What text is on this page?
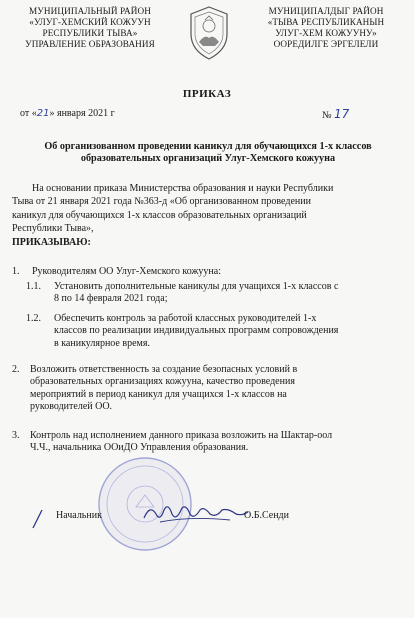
МУНИЦИПАЛЬНЫЙ РАЙОН
«УЛУГ-ХЕМСКИЙ КОЖУУН
РЕСПУБЛИКИ ТЫВА»
УПРАВЛЕНИЕ ОБРАЗОВАНИЯ
МУНИЦИПАЛДЫГ РАЙОН
«ТЫВА РЕСПУБЛИКАНЫН
УЛУГ-ХЕМ КОЖУУНУ»
ООРЕДИЛГЕ ЭРГЕЛЕЛИ
ПРИКАЗ
от «21» января 2021 г	№ 17
Об организованном проведении каникул для обучающихся 1-х классов
образовательных организаций Улуг-Хемского кожууна
На основании приказа Министерства образования и науки Республики
Тыва от 21 января 2021 года №363-д «Об организованном проведении
каникул для обучающихся 1-х классов образовательных организаций
Республики Тыва»,
ПРИКАЗЫВАЮ:
1. Руководителям ОО Улуг-Хемского кожууна:
1.1. Установить дополнительные каникулы для учащихся 1-х классов с
8 по 14 февраля 2021 года;
1.2. Обеспечить контроль за работой классных руководителей 1-х
классов по реализации индивидуальных программ сопровождения
в каникулярное время.
2. Возложить ответственность за создание безопасных условий в
образовательных организациях кожууна, качество проведения
мероприятий в период каникул для учащихся 1-х классов на
руководителей ОО.
3. Контроль над исполнением данного приказа возложить на Шактар-оол
Ч.Ч., начальника ООиДО Управления образования.
Начальник	О.Б.Сенди
